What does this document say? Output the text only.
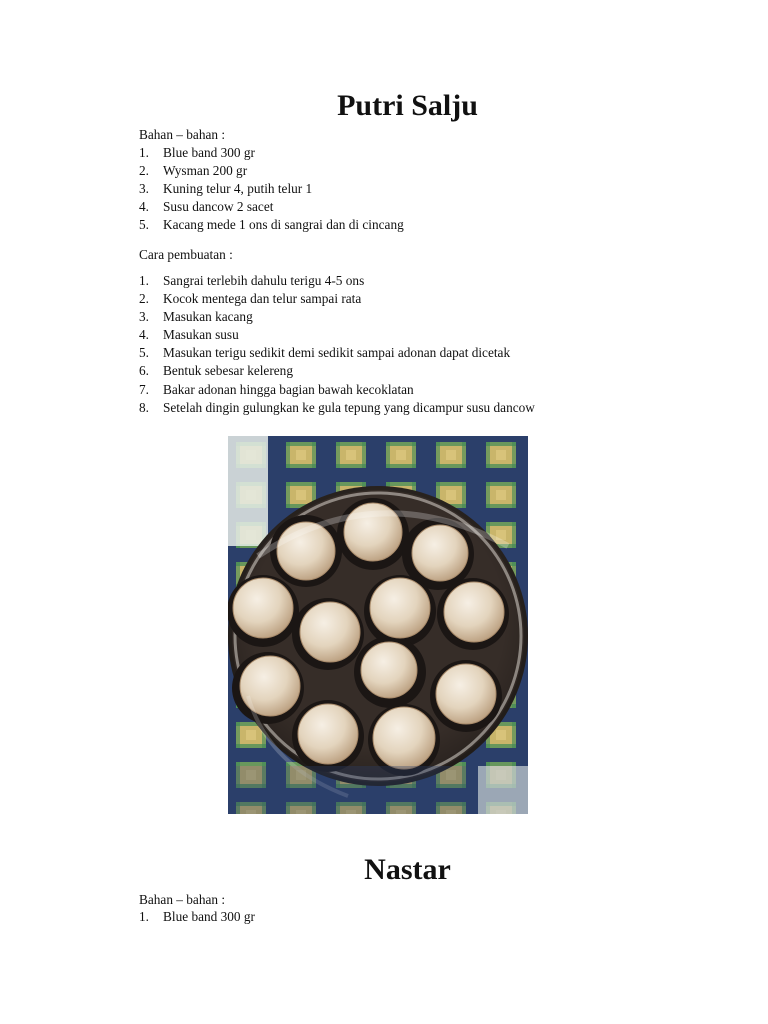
Putri Salju

Bahan – bahan :

1.	Blue band 300 gr
2.	Wysman 200 gr
3.	Kuning telur 4, putih telur 1
4.	Susu dancow 2 sacet
5.	Kacang mede 1 ons di sangrai dan di cincang

Cara pembuatan :

1.	Sangrai terlebih dahulu terigu 4-5 ons
2.	Kocok mentega dan telur sampai rata
3.	Masukan kacang
4.	Masukan susu
5.	Masukan terigu sedikit demi sedikit sampai adonan dapat dicetak
6.	Bentuk sebesar kelereng
7.	Bakar adonan hingga bagian bawah kecoklatan
8.	Setelah dingin gulungkan ke gula tepung yang dicampur susu dancow
Nastar

Bahan – bahan :

1.	Blue band 300 gr
